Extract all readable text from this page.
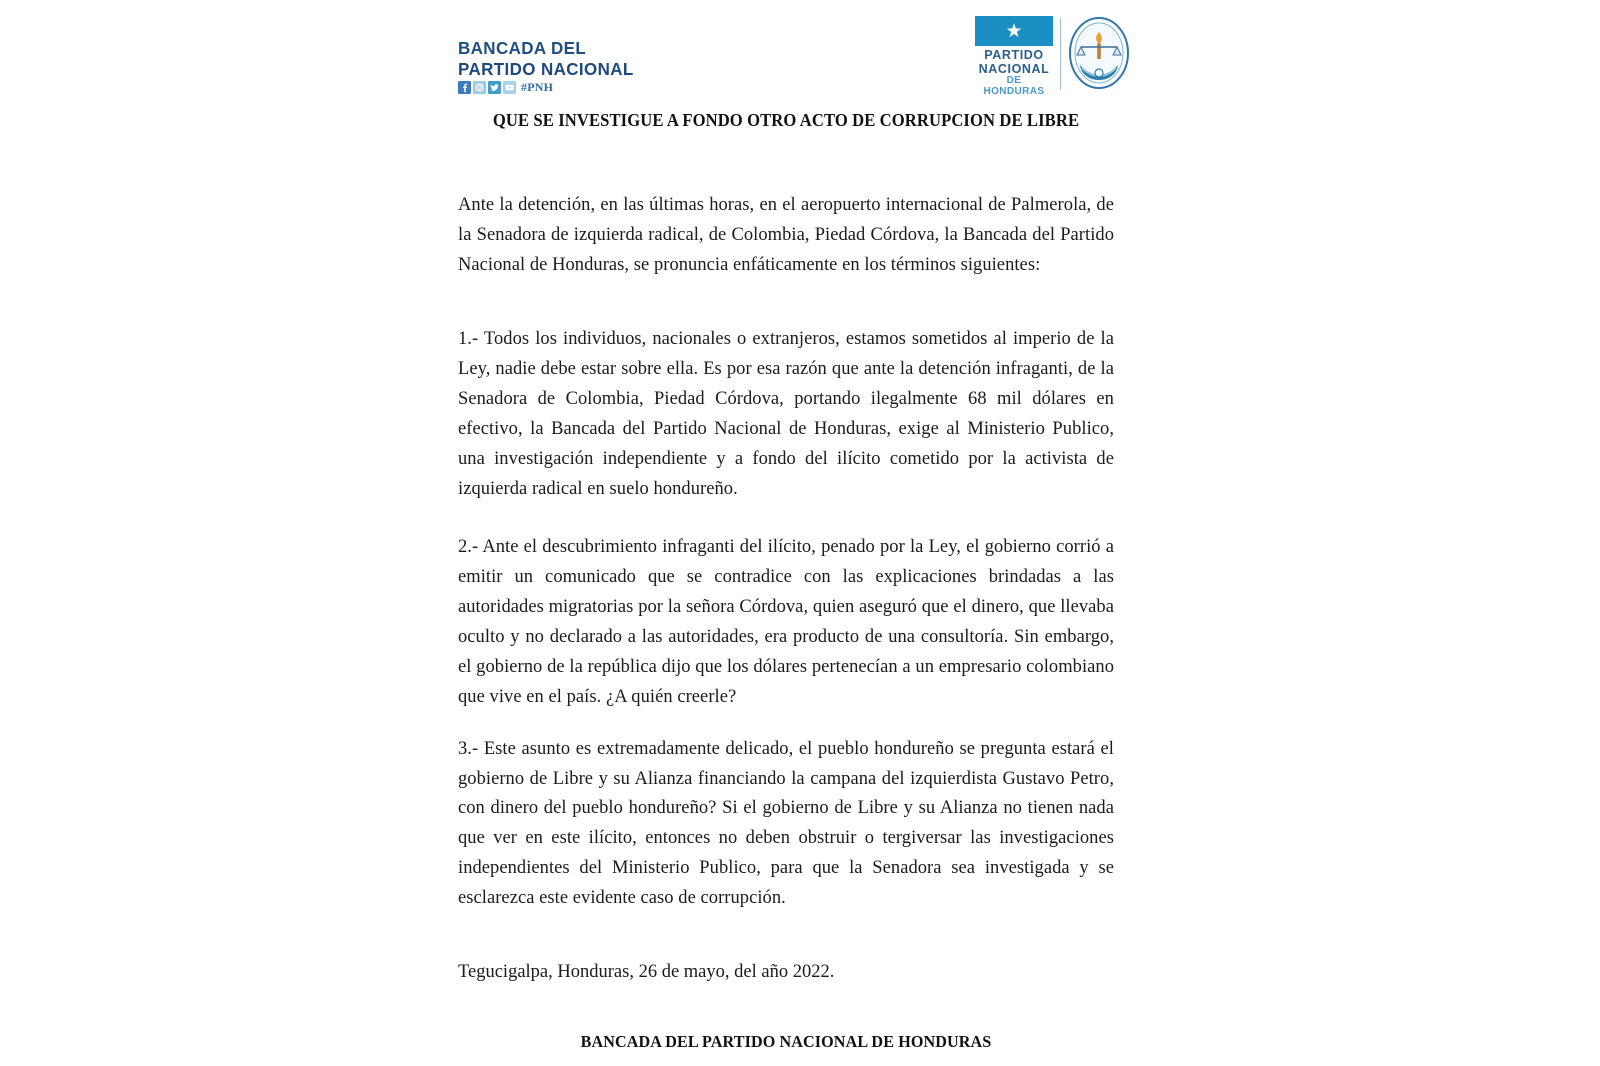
BANCADA DEL
PARTIDO NACIONAL
#PNH
★
PARTIDO
NACIONAL
DE HONDURAS
QUE SE INVESTIGUE A FONDO OTRO ACTO DE CORRUPCION DE LIBRE

Ante la detención, en las últimas horas, en el aeropuerto internacional de Palmerola, de la Senadora de izquierda radical, de Colombia, Piedad Córdova, la Bancada del Partido Nacional de Honduras, se pronuncia enfáticamente en los términos siguientes:

1.- Todos los individuos, nacionales o extranjeros, estamos sometidos al imperio de la Ley, nadie debe estar sobre ella. Es por esa razón que ante la detención infraganti, de la Senadora de Colombia, Piedad Córdova, portando ilegalmente 68 mil dólares en efectivo, la Bancada del Partido Nacional de Honduras, exige al Ministerio Publico, una investigación independiente y a fondo del ilícito cometido por la activista de izquierda radical en suelo hondureño.

2.- Ante el descubrimiento infraganti del ilícito, penado por la Ley, el gobierno corrió a emitir un comunicado que se contradice con las explicaciones brindadas a las autoridades migratorias por la señora Córdova, quien aseguró que el dinero, que llevaba oculto y no declarado a las autoridades, era producto de una consultoría. Sin embargo, el gobierno de la república dijo que los dólares pertenecían a un empresario colombiano que vive en el país. ¿A quién creerle?

3.- Este asunto es extremadamente delicado, el pueblo hondureño se pregunta estará el gobierno de Libre y su Alianza financiando la campana del izquierdista Gustavo Petro, con dinero del pueblo hondureño? Si el gobierno de Libre y su Alianza no tienen nada que ver en este ilícito, entonces no deben obstruir o tergiversar las investigaciones independientes del Ministerio Publico, para que la Senadora sea investigada y se esclarezca este evidente caso de corrupción.

Tegucigalpa, Honduras, 26 de mayo, del año 2022.

BANCADA DEL PARTIDO NACIONAL DE HONDURAS
